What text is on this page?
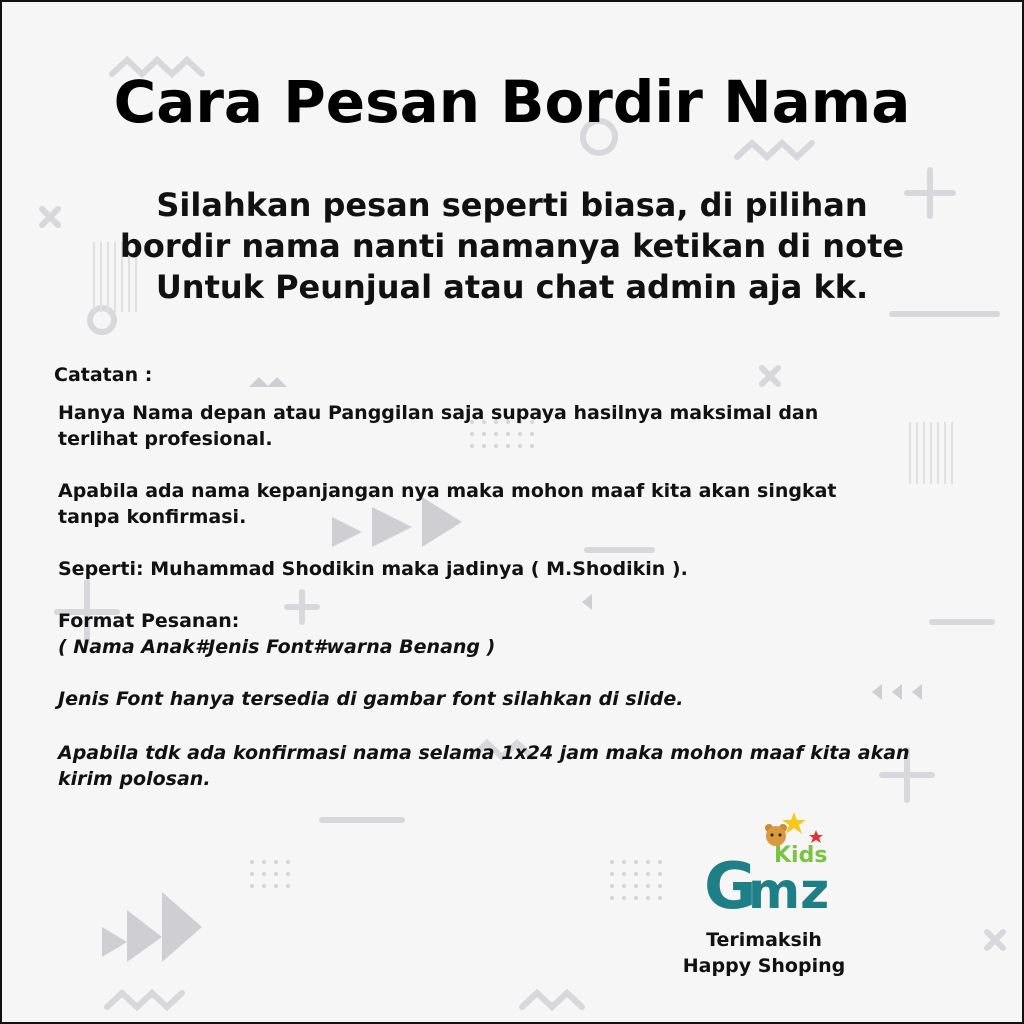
Cara Pesan Bordir Nama
Silahkan pesan seperti biasa, di pilihan
bordir nama nanti namanya ketikan di note
Untuk Peunjual atau chat admin aja kk.
Catatan :

Hanya Nama depan atau Panggilan saja supaya hasilnya maksimal dan

terlihat profesional.

Apabila ada nama kepanjangan nya maka mohon maaf kita akan singkat

tanpa konfirmasi.

Seperti: Muhammad Shodikin maka jadinya ( M.Shodikin ).

Format Pesanan:

( Nama Anak#Jenis Font#warna Benang )

Jenis Font hanya tersedia di gambar font silahkan di slide.

Apabila tdk ada konfirmasi nama selama 1x24 jam maka mohon maaf kita akan

kirim polosan.

Kids
G
mz
Terimaksih
Happy Shoping
